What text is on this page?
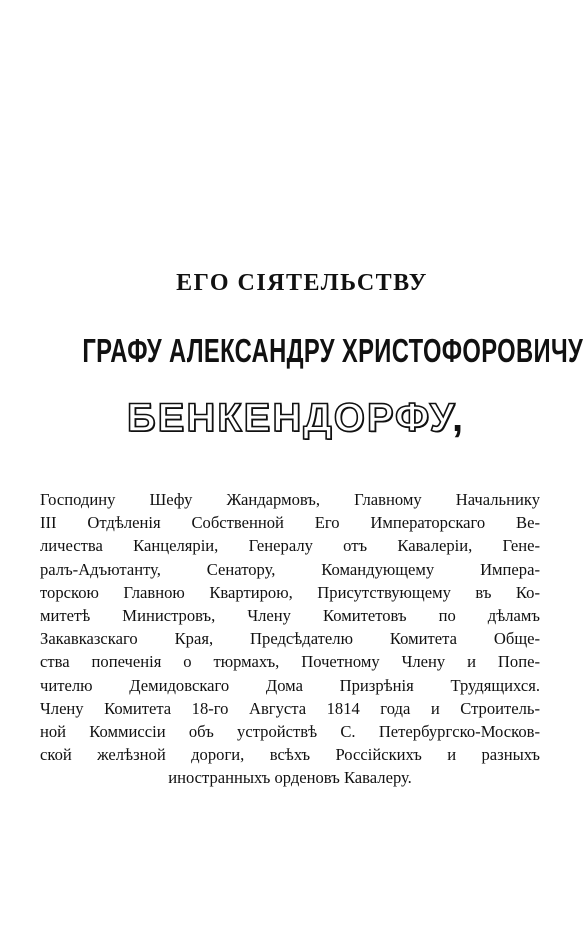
ЕГО СІЯТЕЛЬСТВУ
ГРАФУ АЛЕКСАНДРУ ХРИСТОФОРОВИЧУ
БЕНКЕНДОРФУ,
Господину Шефу Жандармовъ, Главному Начальнику
III Отдѣленія Собственной Его Императорскаго Ве-
личества Канцеляріи, Генералу отъ Кавалеріи, Гене-
ралъ-Адъютанту, Сенатору, Командующему Импера-
торскою Главною Квартирою, Присутствующему въ Ко-
митетѣ Министровъ, Члену Комитетовъ по дѣламъ
Закавказскаго Края, Предсѣдателю Комитета Обще-
ства попеченія о тюрмахъ, Почетному Члену и Попе-
чителю Демидовскаго Дома Призрѣнія Трудящихся.
Члену Комитета 18-го Августа 1814 года и Строитель-
ной Коммиссіи объ устройствѣ С. Петербургско-Москов-
ской желѣзной дороги, всѣхъ Россійскихъ и разныхъ
иностранныхъ орденовъ Кавалеру.
